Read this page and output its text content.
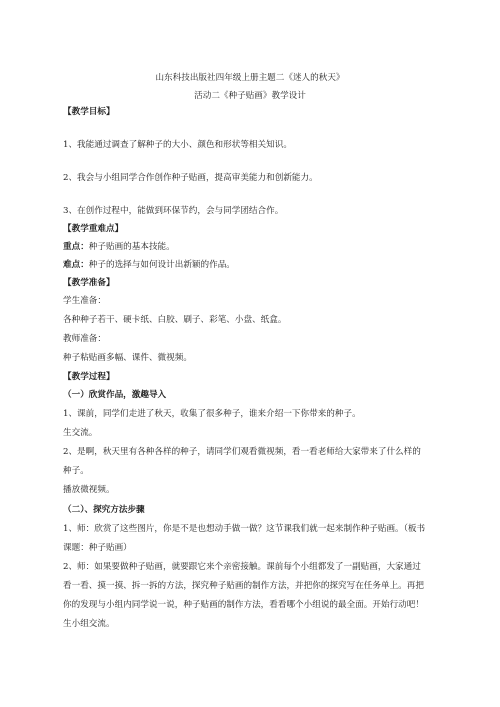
山东科技出版社四年级上册主题二《迷人的秋天》
活动二《种子贴画》教学设计
【教学目标】
1、我能通过调查了解种子的大小、颜色和形状等相关知识。
2、我会与小组同学合作创作种子贴画，提高审美能力和创新能力。
3、在创作过程中，能做到环保节约，会与同学团结合作。
【教学重难点】
重点：种子贴画的基本技能。
难点：种子的选择与如何设计出新颖的作品。
【教学准备】
学生准备：
各种种子若干、硬卡纸、白胶、刷子、彩笔、小盘、纸盒。
教师准备：
种子粘贴画多幅、课件、微视频。
【教学过程】
（一）欣赏作品，激趣导入
1、课前，同学们走进了秋天，收集了很多种子，谁来介绍一下你带来的种子。
生交流。
2、是啊，秋天里有各种各样的种子，请同学们观看微视频，看一看老师给大家带来了什么样的
种子。
播放微视频。
（二）、探究方法步骤
1、师：欣赏了这些图片，你是不是也想动手做一做？这节课我们就一起来制作种子贴画。（板书
课题：种子贴画）
2、师：如果要做种子贴画，就要跟它来个亲密接触。课前每个小组都发了一副贴画，大家通过
看一看、摸一摸、拆一拆的方法，探究种子贴画的制作方法，并把你的探究写在任务单上。再把
你的发现与小组内同学说一说，种子贴画的制作方法，看看哪个小组说的最全面。开始行动吧！
生小组交流。
